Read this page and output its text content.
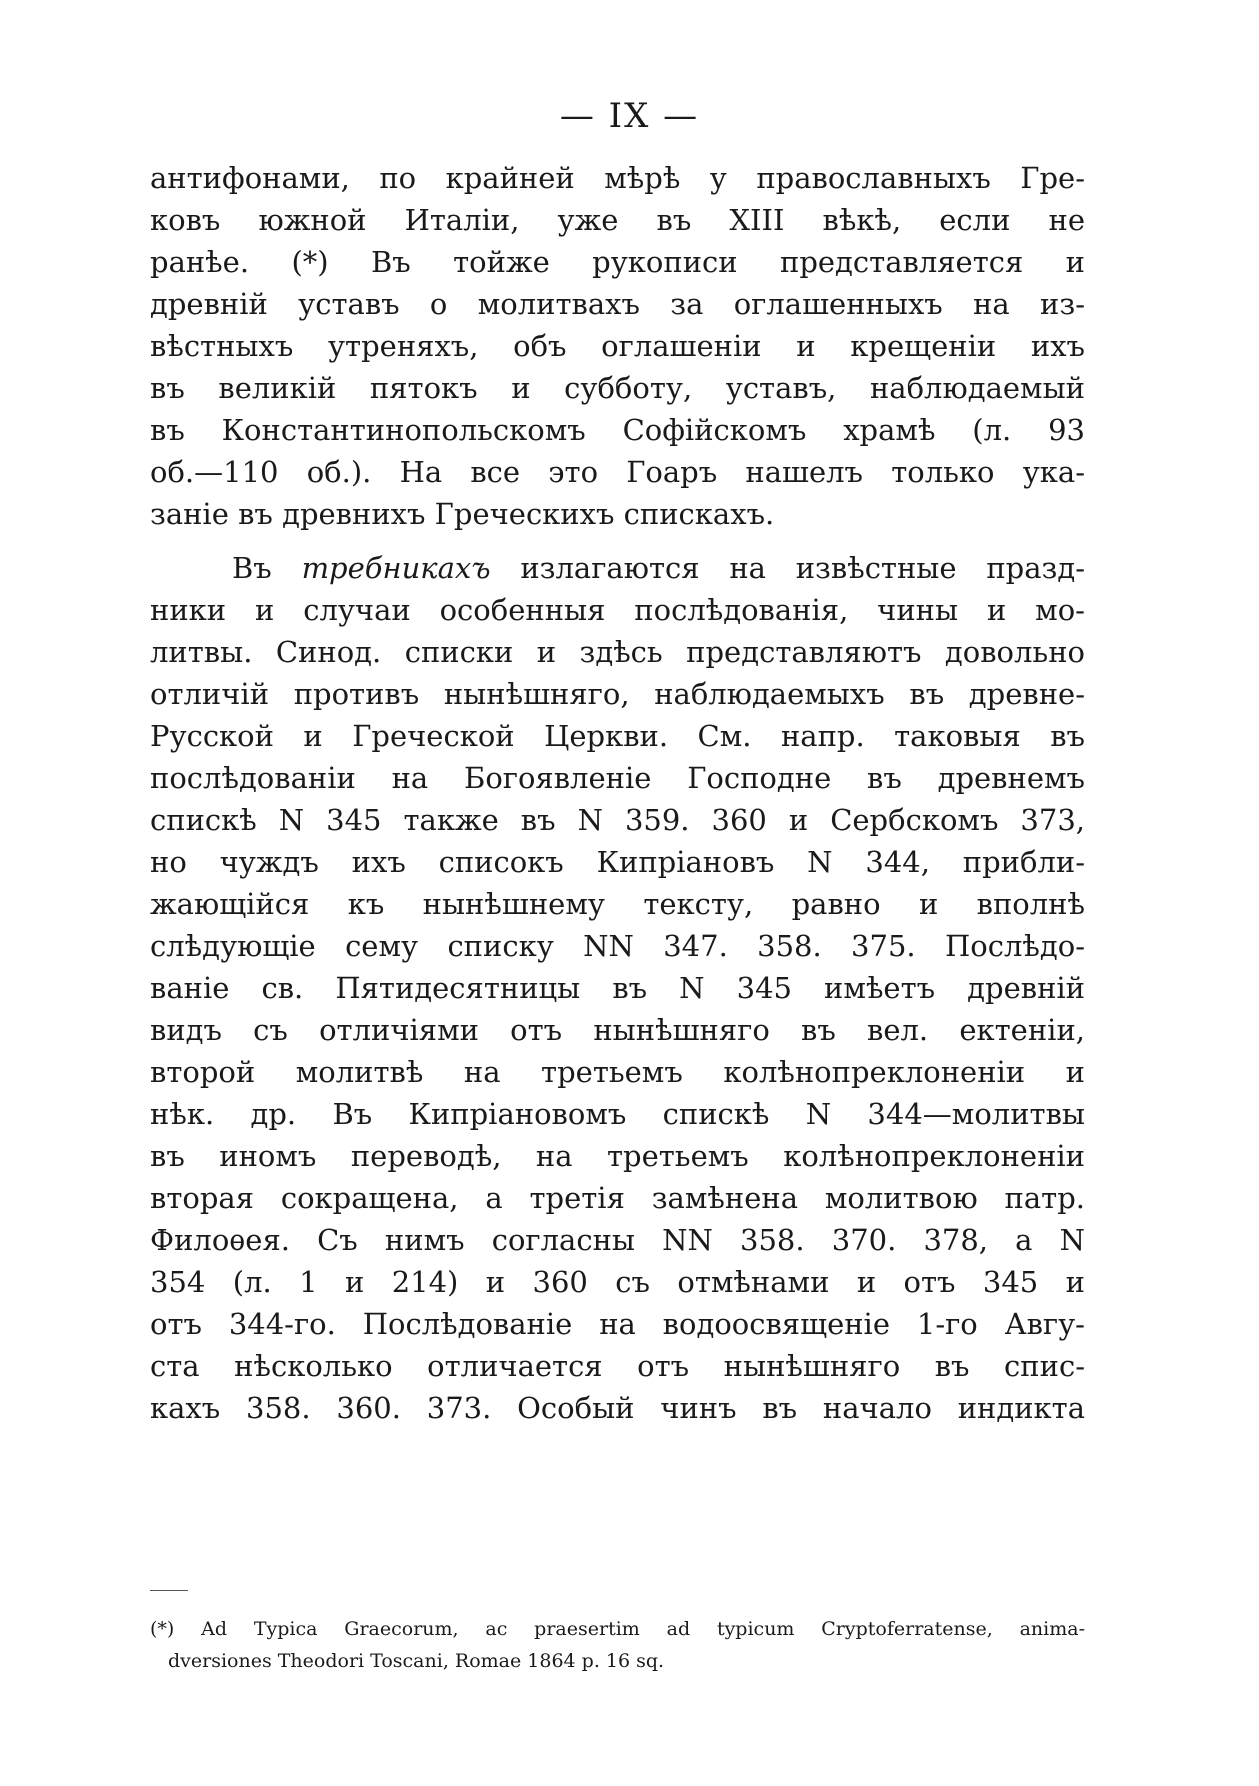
— IX —
антифонами, по крайней мѣрѣ у православныхъ Гре-
ковъ южной Италіи, уже въ XIII вѣкѣ, если не
ранѣе. (*) Въ тойже рукописи представляется и
древній уставъ о молитвахъ за оглашенныхъ на из-
вѣстныхъ утреняхъ, объ оглашеніи и крещеніи ихъ
въ великій пятокъ и субботу, уставъ, наблюдаемый
въ Константинопольскомъ Софійскомъ храмѣ (л. 93
об.—110 об.). На все это Гоаръ нашелъ только ука-
заніе въ древнихъ Греческихъ спискахъ.
Въ требникахъ излагаются на извѣстные празд-
ники и случаи особенныя послѣдованія, чины и мо-
литвы. Синод. списки и здѣсь представляютъ довольно
отличій противъ нынѣшняго, наблюдаемыхъ въ древне-
Русской и Греческой Церкви. См. напр. таковыя въ
послѣдованіи на Богоявленіе Господне въ древнемъ
спискѣ N 345 также въ N 359. 360 и Сербскомъ 373,
но чуждъ ихъ списокъ Кипріановъ N 344, прибли-
жающійся къ нынѣшнему тексту, равно и вполнѣ
слѣдующіе сему списку NN 347. 358. 375. Послѣдо-
ваніе св. Пятидесятницы въ N 345 имѣетъ древній
видъ съ отличіями отъ нынѣшняго въ вел. ектеніи,
второй молитвѣ на третьемъ колѣнопреклоненіи и
нѣк. др. Въ Кипріановомъ спискѣ N 344—молитвы
въ иномъ переводѣ, на третьемъ колѣнопреклоненіи
вторая сокращена, а третія замѣнена молитвою патр.
Филоѳея. Съ нимъ согласны NN 358. 370. 378, а N
354 (л. 1 и 214) и 360 съ отмѣнами и отъ 345 и
отъ 344-го. Послѣдованіе на водоосвященіе 1-го Авгу-
ста нѣсколько отличается отъ нынѣшняго въ спис-
кахъ 358. 360. 373. Особый чинъ въ начало индикта
(*) Ad Typica Graecorum, ac praesertim ad typicum Cryptoferratense, anima-
dversiones Theodori Toscani, Romae 1864 p. 16 sq.
